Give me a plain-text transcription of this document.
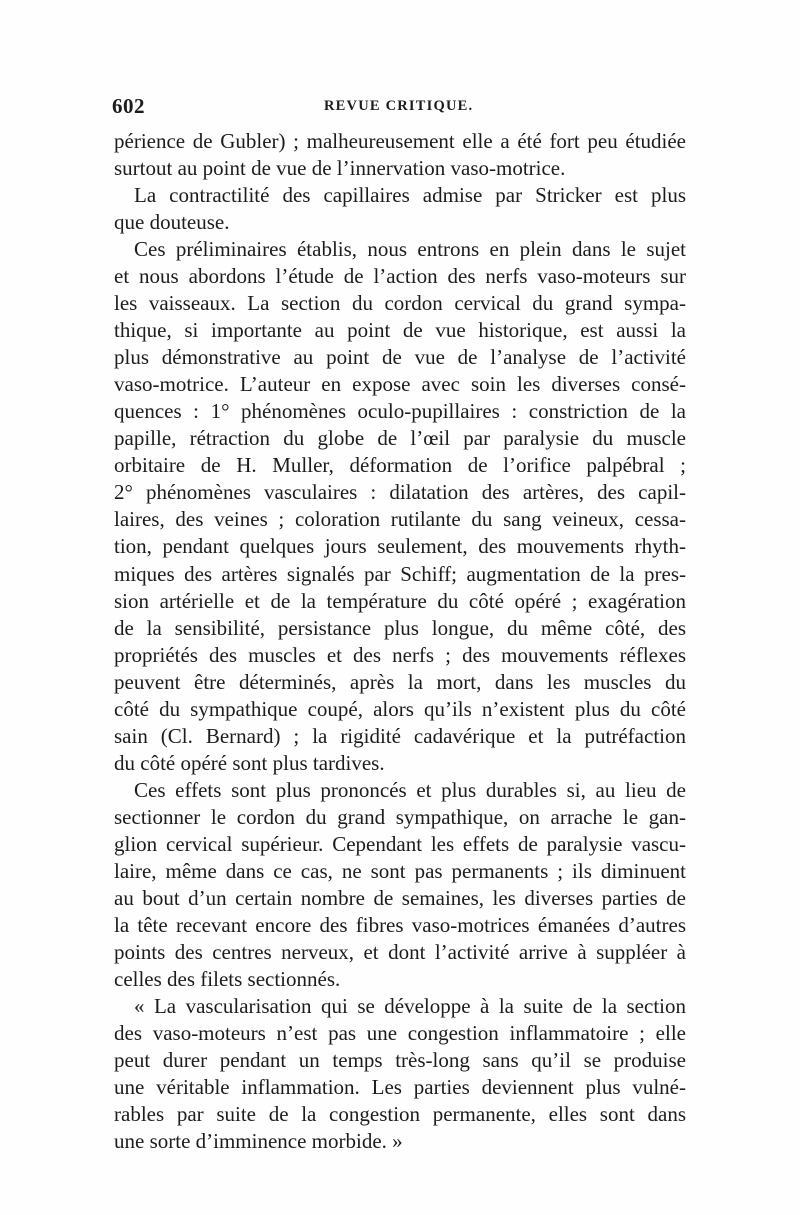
602	REVUE CRITIQUE.
périence de Gubler) ; malheureusement elle a été fort peu étudiée
surtout au point de vue de l’innervation vaso-motrice.
La contractilité des capillaires admise par Stricker est plus
que douteuse.
Ces préliminaires établis, nous entrons en plein dans le sujet
et nous abordons l’étude de l’action des nerfs vaso-moteurs sur
les vaisseaux. La section du cordon cervical du grand sympa-
thique, si importante au point de vue historique, est aussi la
plus démonstrative au point de vue de l’analyse de l’activité
vaso-motrice. L’auteur en expose avec soin les diverses consé-
quences : 1° phénomènes oculo-pupillaires : constriction de la
papille, rétraction du globe de l’œil par paralysie du muscle
orbitaire de H. Muller, déformation de l’orifice palpébral ;
2° phénomènes vasculaires : dilatation des artères, des capil-
laires, des veines ; coloration rutilante du sang veineux, cessa-
tion, pendant quelques jours seulement, des mouvements rhyth-
miques des artères signalés par Schiff; augmentation de la pres-
sion artérielle et de la température du côté opéré ; exagération
de la sensibilité, persistance plus longue, du même côté, des
propriétés des muscles et des nerfs ; des mouvements réflexes
peuvent être déterminés, après la mort, dans les muscles du
côté du sympathique coupé, alors qu’ils n’existent plus du côté
sain (Cl. Bernard) ; la rigidité cadavérique et la putréfaction
du côté opéré sont plus tardives.
Ces effets sont plus prononcés et plus durables si, au lieu de
sectionner le cordon du grand sympathique, on arrache le gan-
glion cervical supérieur. Cependant les effets de paralysie vascu-
laire, même dans ce cas, ne sont pas permanents ; ils diminuent
au bout d’un certain nombre de semaines, les diverses parties de
la tête recevant encore des fibres vaso-motrices émanées d’autres
points des centres nerveux, et dont l’activité arrive à suppléer à
celles des filets sectionnés.
« La vascularisation qui se développe à la suite de la section
des vaso-moteurs n’est pas une congestion inflammatoire ; elle
peut durer pendant un temps très-long sans qu’il se produise
une véritable inflammation. Les parties deviennent plus vulné-
rables par suite de la congestion permanente, elles sont dans
une sorte d’imminence morbide. »
